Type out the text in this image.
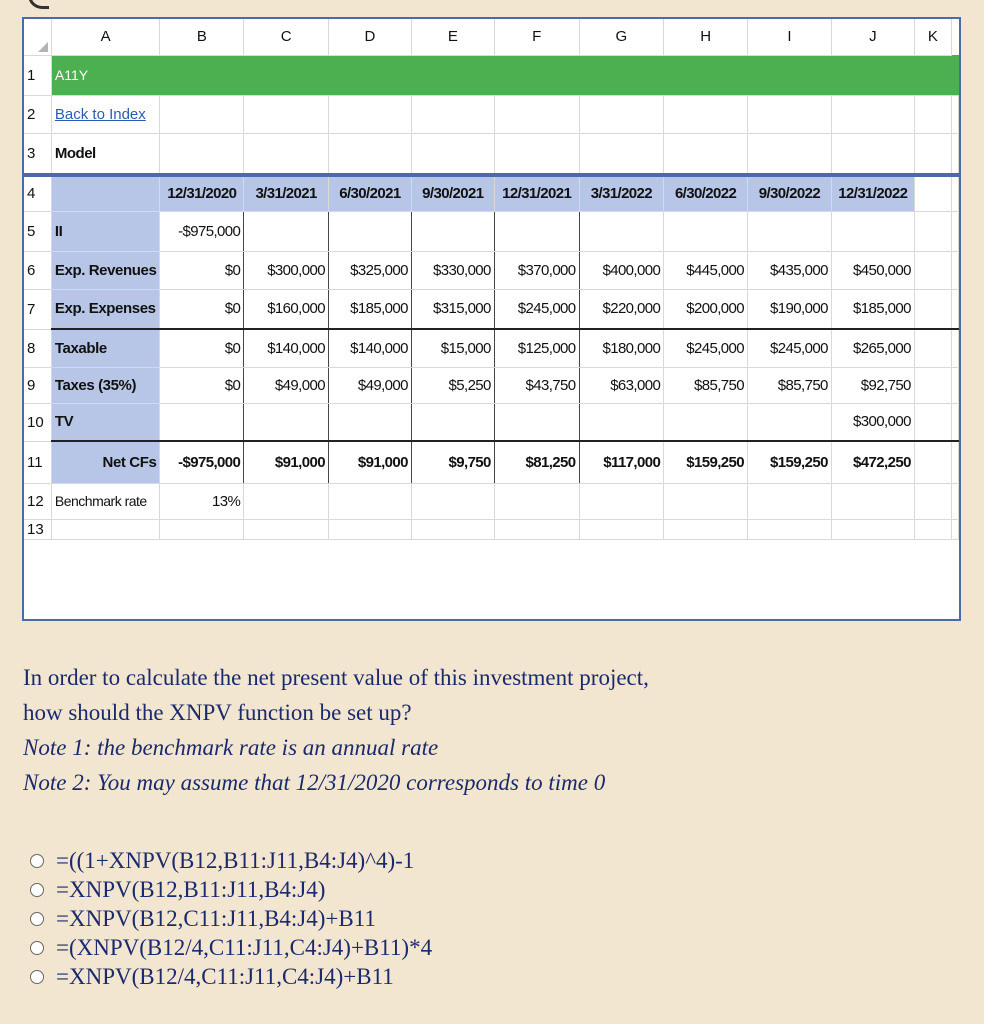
	A	B	C	D	E	F	G	H	I	J	K	
1	A11Y											
2	Back to Index											
3	Model											
4		12/31/2020	3/31/2021	6/30/2021	9/30/2021	12/31/2021	3/31/2022	6/30/2022	9/30/2022	12/31/2022		
5	II	-$975,000										
6	Exp. Revenues	$0	$300,000	$325,000	$330,000	$370,000	$400,000	$445,000	$435,000	$450,000		
7	Exp. Expenses	$0	$160,000	$185,000	$315,000	$245,000	$220,000	$200,000	$190,000	$185,000		
8	Taxable	$0	$140,000	$140,000	$15,000	$125,000	$180,000	$245,000	$245,000	$265,000		
9	Taxes (35%)	$0	$49,000	$49,000	$5,250	$43,750	$63,000	$85,750	$85,750	$92,750		
10	TV									$300,000		
11	Net CFs	-$975,000	$91,000	$91,000	$9,750	$81,250	$117,000	$159,250	$159,250	$472,250		
12	Benchmark rate	13%										
13												
In order to calculate the net present value of this investment project,
how should the XNPV function be set up?
Note 1: the benchmark rate is an annual rate
Note 2: You may assume that 12/31/2020 corresponds to time 0
=((1+XNPV(B12,B11:J11,B4:J4)^4)-1
=XNPV(B12,B11:J11,B4:J4)
=XNPV(B12,C11:J11,B4:J4)+B11
=(XNPV(B12/4,C11:J11,C4:J4)+B11)*4
=XNPV(B12/4,C11:J11,C4:J4)+B11
